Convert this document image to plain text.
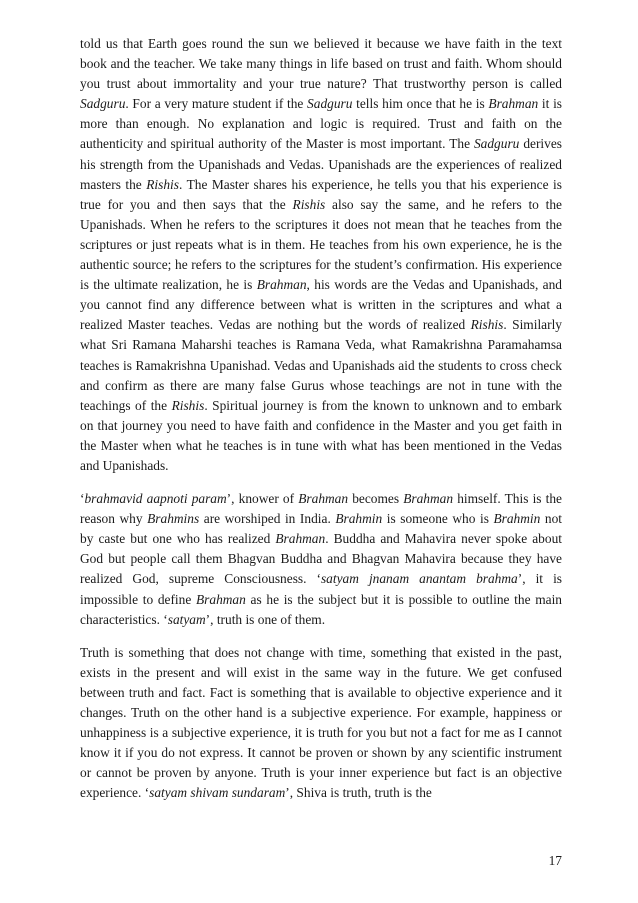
told us that Earth goes round the sun we believed it because we have faith in the text book and the teacher. We take many things in life based on trust and faith. Whom should you trust about immortality and your true nature? That trustworthy person is called Sadguru. For a very mature student if the Sadguru tells him once that he is Brahman it is more than enough. No explanation and logic is required. Trust and faith on the authenticity and spiritual authority of the Master is most important. The Sadguru derives his strength from the Upanishads and Vedas. Upanishads are the experiences of realized masters the Rishis. The Master shares his experience, he tells you that his experience is true for you and then says that the Rishis also say the same, and he refers to the Upanishads. When he refers to the scriptures it does not mean that he teaches from the scriptures or just repeats what is in them. He teaches from his own experience, he is the authentic source; he refers to the scriptures for the student’s confirmation. His experience is the ultimate realization, he is Brahman, his words are the Vedas and Upanishads, and you cannot find any difference between what is written in the scriptures and what a realized Master teaches. Vedas are nothing but the words of realized Rishis. Similarly what Sri Ramana Maharshi teaches is Ramana Veda, what Ramakrishna Paramahamsa teaches is Ramakrishna Upanishad. Vedas and Upanishads aid the students to cross check and confirm as there are many false Gurus whose teachings are not in tune with the teachings of the Rishis. Spiritual journey is from the known to unknown and to embark on that journey you need to have faith and confidence in the Master and you get faith in the Master when what he teaches is in tune with what has been mentioned in the Vedas and Upanishads.

‘brahmavid aapnoti param’, knower of Brahman becomes Brahman himself. This is the reason why Brahmins are worshiped in India. Brahmin is someone who is Brahmin not by caste but one who has realized Brahman. Buddha and Mahavira never spoke about God but people call them Bhagvan Buddha and Bhagvan Mahavira because they have realized God, supreme Consciousness. ‘satyam jnanam anantam brahma’, it is impossible to define Brahman as he is the subject but it is possible to outline the main characteristics. ‘satyam’, truth is one of them.

Truth is something that does not change with time, something that existed in the past, exists in the present and will exist in the same way in the future. We get confused between truth and fact. Fact is something that is available to objective experience and it changes. Truth on the other hand is a subjective experience. For example, happiness or unhappiness is a subjective experience, it is truth for you but not a fact for me as I cannot know it if you do not express. It cannot be proven or shown by any scientific instrument or cannot be proven by anyone. Truth is your inner experience but fact is an objective experience. ‘satyam shivam sundaram’, Shiva is truth, truth is the

17
